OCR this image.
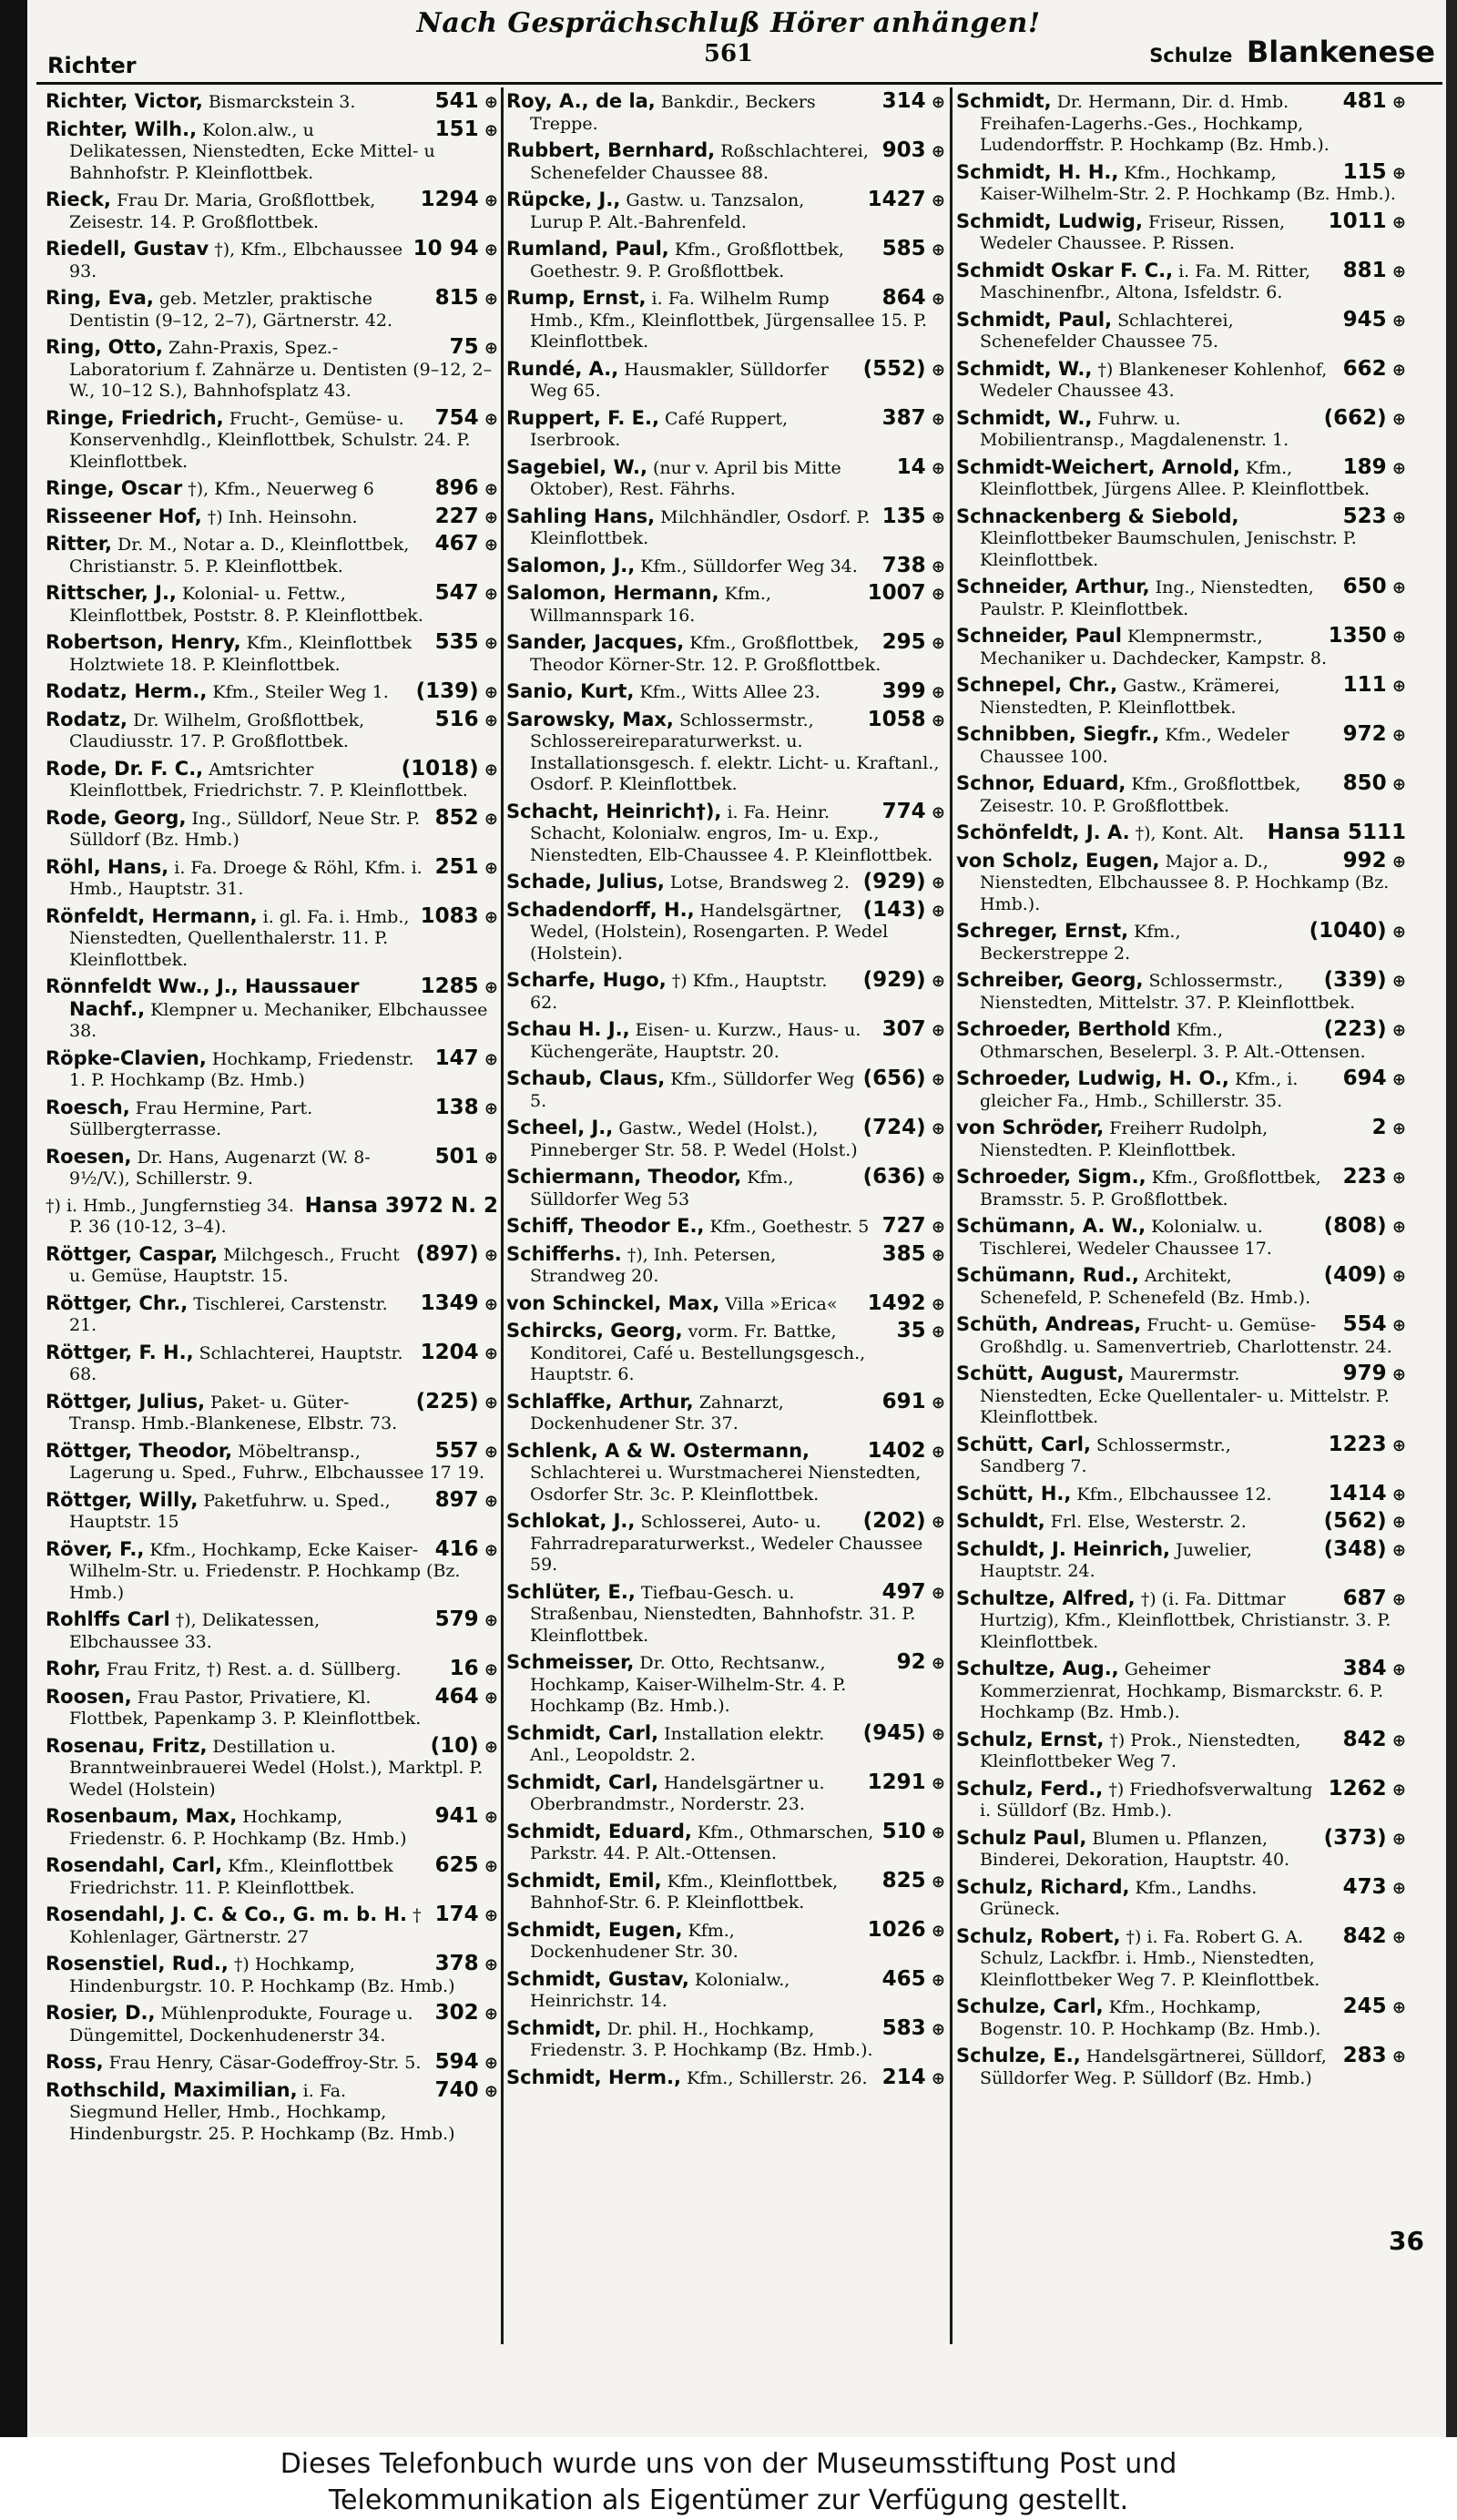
Nach Gesprächschluß Hörer anhängen!
Richter	561	Schulze Blankenese
541 ⊕
Richter, Victor, Bismarckstein 3.
151 ⊕
Richter, Wilh., Kolon.alw., u Delikatessen, Nienstedten, Ecke Mittel- u Bahnhofstr. P. Kleinflottbek.
1294 ⊕
Rieck, Frau Dr. Maria, Großflottbek, Zeisestr. 14. P. Großflottbek.
10 94 ⊕
Riedell, Gustav †), Kfm., Elbchaussee 93.
815 ⊕
Ring, Eva, geb. Metzler, praktische Dentistin (9–12, 2–7), Gärtnerstr. 42.
75 ⊕
Ring, Otto, Zahn-Praxis, Spez.-Laboratorium f. Zahnärze u. Dentisten (9–12, 2–W., 10–12 S.), Bahnhofsplatz 43.
754 ⊕
Ringe, Friedrich, Frucht-, Gemüse- u. Konservenhdlg., Kleinflottbek, Schulstr. 24. P. Kleinflottbek.
896 ⊕
Ringe, Oscar †), Kfm., Neuerweg 6
227 ⊕
Risseener Hof, †) Inh. Heinsohn.
467 ⊕
Ritter, Dr. M., Notar a. D., Kleinflottbek, Christianstr. 5. P. Kleinflottbek.
547 ⊕
Rittscher, J., Kolonial- u. Fettw., Kleinflottbek, Poststr. 8. P. Kleinflottbek.
535 ⊕
Robertson, Henry, Kfm., Kleinflottbek Holztwiete 18. P. Kleinflottbek.
(139) ⊕
Rodatz, Herm., Kfm., Steiler Weg 1.
516 ⊕
Rodatz, Dr. Wilhelm, Großflottbek, Claudiusstr. 17. P. Großflottbek.
(1018) ⊕
Rode, Dr. F. C., Amtsrichter Kleinflottbek, Friedrichstr. 7. P. Kleinflottbek.
852 ⊕
Rode, Georg, Ing., Sülldorf, Neue Str. P. Sülldorf (Bz. Hmb.)
251 ⊕
Röhl, Hans, i. Fa. Droege & Röhl, Kfm. i. Hmb., Hauptstr. 31.
1083 ⊕
Rönfeldt, Hermann, i. gl. Fa. i. Hmb., Nienstedten, Quellenthalerstr. 11. P. Kleinflottbek.
1285 ⊕
Rönnfeldt Ww., J., Haussauer Nachf., Klempner u. Mechaniker, Elbchaussee 38.
147 ⊕
Röpke-Clavien, Hochkamp, Friedenstr. 1. P. Hochkamp (Bz. Hmb.)
138 ⊕
Roesch, Frau Hermine, Part. Süllbergterrasse.
501 ⊕
Roesen, Dr. Hans, Augenarzt (W. 8-9½/V.), Schillerstr. 9.
Hansa 3972 N. 2
†) i. Hmb., Jungfernstieg 34. P. 36 (10-12, 3–4).
(897) ⊕
Röttger, Caspar, Milchgesch., Frucht u. Gemüse, Hauptstr. 15.
1349 ⊕
Röttger, Chr., Tischlerei, Carstenstr. 21.
1204 ⊕
Röttger, F. H., Schlachterei, Hauptstr. 68.
(225) ⊕
Röttger, Julius, Paket- u. Güter-Transp. Hmb.-Blankenese, Elbstr. 73.
557 ⊕
Röttger, Theodor, Möbeltransp., Lagerung u. Sped., Fuhrw., Elbchaussee 17 19.
897 ⊕
Röttger, Willy, Paketfuhrw. u. Sped., Hauptstr. 15
416 ⊕
Röver, F., Kfm., Hochkamp, Ecke Kaiser-Wilhelm-Str. u. Friedenstr. P. Hochkamp (Bz. Hmb.)
579 ⊕
Rohlffs Carl †), Delikatessen, Elbchaussee 33.
16 ⊕
Rohr, Frau Fritz, †) Rest. a. d. Süllberg.
464 ⊕
Roosen, Frau Pastor, Privatiere, Kl. Flottbek, Papenkamp 3. P. Kleinflottbek.
(10) ⊕
Rosenau, Fritz, Destillation u. Branntweinbrauerei Wedel (Holst.), Marktpl. P. Wedel (Holstein)
941 ⊕
Rosenbaum, Max, Hochkamp, Friedenstr. 6. P. Hochkamp (Bz. Hmb.)
625 ⊕
Rosendahl, Carl, Kfm., Kleinflottbek Friedrichstr. 11. P. Kleinflottbek.
174 ⊕
Rosendahl, J. C. & Co., G. m. b. H. † Kohlenlager, Gärtnerstr. 27
378 ⊕
Rosenstiel, Rud., †) Hochkamp, Hindenburgstr. 10. P. Hochkamp (Bz. Hmb.)
302 ⊕
Rosier, D., Mühlenprodukte, Fourage u. Düngemittel, Dockenhudenerstr 34.
594 ⊕
Ross, Frau Henry, Cäsar-Godeffroy-Str. 5.
740 ⊕
Rothschild, Maximilian, i. Fa. Siegmund Heller, Hmb., Hochkamp, Hindenburgstr. 25. P. Hochkamp (Bz. Hmb.)
314 ⊕
Roy, A., de la, Bankdir., Beckers Treppe.
903 ⊕
Rubbert, Bernhard, Roßschlachterei, Schenefelder Chaussee 88.
1427 ⊕
Rüpcke, J., Gastw. u. Tanzsalon, Lurup P. Alt.-Bahrenfeld.
585 ⊕
Rumland, Paul, Kfm., Großflottbek, Goethestr. 9. P. Großflottbek.
864 ⊕
Rump, Ernst, i. Fa. Wilhelm Rump Hmb., Kfm., Kleinflottbek, Jürgensallee 15. P. Kleinflottbek.
(552) ⊕
Rundé, A., Hausmakler, Sülldorfer Weg 65.
387 ⊕
Ruppert, F. E., Café Ruppert, Iserbrook.
14 ⊕
Sagebiel, W., (nur v. April bis Mitte Oktober), Rest. Fährhs.
135 ⊕
Sahling Hans, Milchhändler, Osdorf. P. Kleinflottbek.
738 ⊕
Salomon, J., Kfm., Sülldorfer Weg 34.
1007 ⊕
Salomon, Hermann, Kfm., Willmannspark 16.
295 ⊕
Sander, Jacques, Kfm., Großflottbek, Theodor Körner-Str. 12. P. Großflottbek.
399 ⊕
Sanio, Kurt, Kfm., Witts Allee 23.
1058 ⊕
Sarowsky, Max, Schlossermstr., Schlossereireparaturwerkst. u. Installationsgesch. f. elektr. Licht- u. Kraftanl., Osdorf. P. Kleinflottbek.
774 ⊕
Schacht, Heinrich†), i. Fa. Heinr. Schacht, Kolonialw. engros, Im- u. Exp., Nienstedten, Elb-Chaussee 4. P. Kleinflottbek.
(929) ⊕
Schade, Julius, Lotse, Brandsweg 2.
(143) ⊕
Schadendorff, H., Handelsgärtner, Wedel, (Holstein), Rosengarten. P. Wedel (Holstein).
(929) ⊕
Scharfe, Hugo, †) Kfm., Hauptstr. 62.
307 ⊕
Schau H. J., Eisen- u. Kurzw., Haus- u. Küchengeräte, Hauptstr. 20.
(656) ⊕
Schaub, Claus, Kfm., Sülldorfer Weg 5.
(724) ⊕
Scheel, J., Gastw., Wedel (Holst.), Pinneberger Str. 58. P. Wedel (Holst.)
(636) ⊕
Schiermann, Theodor, Kfm., Sülldorfer Weg 53
727 ⊕
Schiff, Theodor E., Kfm., Goethestr. 5
385 ⊕
Schifferhs. †), Inh. Petersen, Strandweg 20.
1492 ⊕
von Schinckel, Max, Villa »Erica«
35 ⊕
Schircks, Georg, vorm. Fr. Battke, Konditorei, Café u. Bestellungsgesch., Hauptstr. 6.
691 ⊕
Schlaffke, Arthur, Zahnarzt, Dockenhudener Str. 37.
1402 ⊕
Schlenk, A & W. Ostermann, Schlachterei u. Wurstmacherei Nienstedten, Osdorfer Str. 3c. P. Kleinflottbek.
(202) ⊕
Schlokat, J., Schlosserei, Auto- u. Fahrradreparaturwerkst., Wedeler Chaussee 59.
497 ⊕
Schlüter, E., Tiefbau-Gesch. u. Straßenbau, Nienstedten, Bahnhofstr. 31. P. Kleinflottbek.
92 ⊕
Schmeisser, Dr. Otto, Rechtsanw., Hochkamp, Kaiser-Wilhelm-Str. 4. P. Hochkamp (Bz. Hmb.).
(945) ⊕
Schmidt, Carl, Installation elektr. Anl., Leopoldstr. 2.
1291 ⊕
Schmidt, Carl, Handelsgärtner u. Oberbrandmstr., Norderstr. 23.
510 ⊕
Schmidt, Eduard, Kfm., Othmarschen, Parkstr. 44. P. Alt.-Ottensen.
825 ⊕
Schmidt, Emil, Kfm., Kleinflottbek, Bahnhof-Str. 6. P. Kleinflottbek.
1026 ⊕
Schmidt, Eugen, Kfm., Dockenhudener Str. 30.
465 ⊕
Schmidt, Gustav, Kolonialw., Heinrichstr. 14.
583 ⊕
Schmidt, Dr. phil. H., Hochkamp, Friedenstr. 3. P. Hochkamp (Bz. Hmb.).
214 ⊕
Schmidt, Herm., Kfm., Schillerstr. 26.
481 ⊕
Schmidt, Dr. Hermann, Dir. d. Hmb. Freihafen-Lagerhs.-Ges., Hochkamp, Ludendorffstr. P. Hochkamp (Bz. Hmb.).
115 ⊕
Schmidt, H. H., Kfm., Hochkamp, Kaiser-Wilhelm-Str. 2. P. Hochkamp (Bz. Hmb.).
1011 ⊕
Schmidt, Ludwig, Friseur, Rissen, Wedeler Chaussee. P. Rissen.
881 ⊕
Schmidt Oskar F. C., i. Fa. M. Ritter, Maschinenfbr., Altona, Isfeldstr. 6.
945 ⊕
Schmidt, Paul, Schlachterei, Schenefelder Chaussee 75.
662 ⊕
Schmidt, W., †) Blankeneser Kohlenhof, Wedeler Chaussee 43.
(662) ⊕
Schmidt, W., Fuhrw. u. Mobilientransp., Magdalenenstr. 1.
189 ⊕
Schmidt-Weichert, Arnold, Kfm., Kleinflottbek, Jürgens Allee. P. Kleinflottbek.
523 ⊕
Schnackenberg & Siebold, Kleinflottbeker Baumschulen, Jenischstr. P. Kleinflottbek.
650 ⊕
Schneider, Arthur, Ing., Nienstedten, Paulstr. P. Kleinflottbek.
1350 ⊕
Schneider, Paul Klempnermstr., Mechaniker u. Dachdecker, Kampstr. 8.
111 ⊕
Schnepel, Chr., Gastw., Krämerei, Nienstedten, P. Kleinflottbek.
972 ⊕
Schnibben, Siegfr., Kfm., Wedeler Chaussee 100.
850 ⊕
Schnor, Eduard, Kfm., Großflottbek, Zeisestr. 10. P. Großflottbek.
Hansa 5111
Schönfeldt, J. A. †), Kont. Alt.
992 ⊕
von Scholz, Eugen, Major a. D., Nienstedten, Elbchaussee 8. P. Hochkamp (Bz. Hmb.).
(1040) ⊕
Schreger, Ernst, Kfm., Beckerstreppe 2.
(339) ⊕
Schreiber, Georg, Schlossermstr., Nienstedten, Mittelstr. 37. P. Kleinflottbek.
(223) ⊕
Schroeder, Berthold Kfm., Othmarschen, Beselerpl. 3. P. Alt.-Ottensen.
694 ⊕
Schroeder, Ludwig, H. O., Kfm., i. gleicher Fa., Hmb., Schillerstr. 35.
2 ⊕
von Schröder, Freiherr Rudolph, Nienstedten. P. Kleinflottbek.
223 ⊕
Schroeder, Sigm., Kfm., Großflottbek, Bramsstr. 5. P. Großflottbek.
(808) ⊕
Schümann, A. W., Kolonialw. u. Tischlerei, Wedeler Chaussee 17.
(409) ⊕
Schümann, Rud., Architekt, Schenefeld, P. Schenefeld (Bz. Hmb.).
554 ⊕
Schüth, Andreas, Frucht- u. Gemüse-Großhdlg. u. Samenvertrieb, Charlottenstr. 24.
979 ⊕
Schütt, August, Maurermstr. Nienstedten, Ecke Quellentaler- u. Mittelstr. P. Kleinflottbek.
1223 ⊕
Schütt, Carl, Schlossermstr., Sandberg 7.
1414 ⊕
Schütt, H., Kfm., Elbchaussee 12.
(562) ⊕
Schuldt, Frl. Else, Westerstr. 2.
(348) ⊕
Schuldt, J. Heinrich, Juwelier, Hauptstr. 24.
687 ⊕
Schultze, Alfred, †) (i. Fa. Dittmar Hurtzig), Kfm., Kleinflottbek, Christianstr. 3. P. Kleinflottbek.
384 ⊕
Schultze, Aug., Geheimer Kommerzienrat, Hochkamp, Bismarckstr. 6. P. Hochkamp (Bz. Hmb.).
842 ⊕
Schulz, Ernst, †) Prok., Nienstedten, Kleinflottbeker Weg 7.
1262 ⊕
Schulz, Ferd., †) Friedhofsverwaltung i. Sülldorf (Bz. Hmb.).
(373) ⊕
Schulz Paul, Blumen u. Pflanzen, Binderei, Dekoration, Hauptstr. 40.
473 ⊕
Schulz, Richard, Kfm., Landhs. Grüneck.
842 ⊕
Schulz, Robert, †) i. Fa. Robert G. A. Schulz, Lackfbr. i. Hmb., Nienstedten, Kleinflottbeker Weg 7. P. Kleinflottbek.
245 ⊕
Schulze, Carl, Kfm., Hochkamp, Bogenstr. 10. P. Hochkamp (Bz. Hmb.).
283 ⊕
Schulze, E., Handelsgärtnerei, Sülldorf, Sülldorfer Weg. P. Sülldorf (Bz. Hmb.)
36
Dieses Telefonbuch wurde uns von der Museumsstiftung Post und
Telekommunikation als Eigentümer zur Verfügung gestellt.
